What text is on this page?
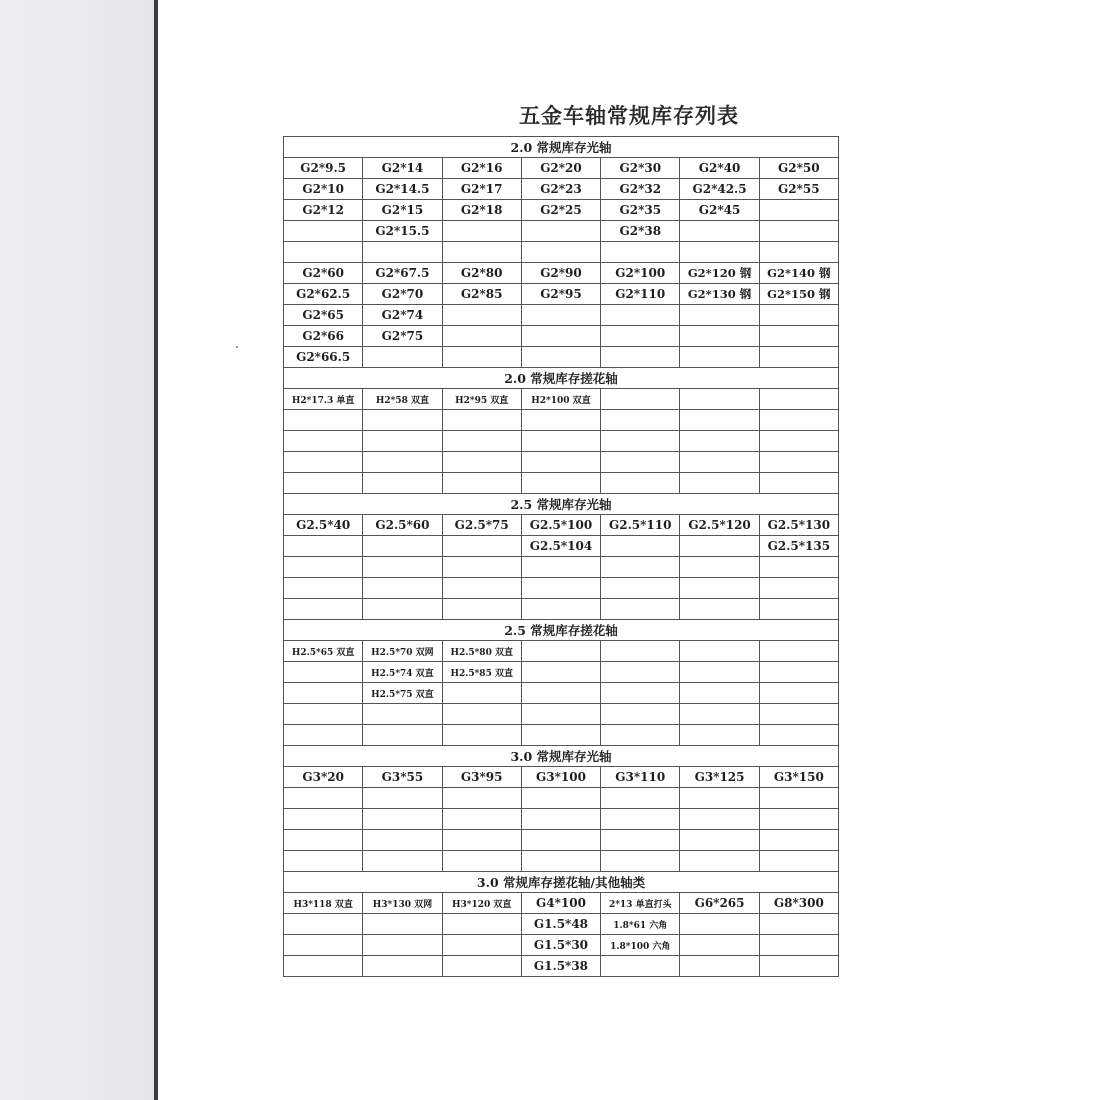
五金车轴常规库存列表
2.0 常规库存光轴						
G2*9.5	G2*14	G2*16	G2*20	G2*30	G2*40	G2*50
G2*10	G2*14.5	G2*17	G2*23	G2*32	G2*42.5	G2*55
G2*12	G2*15	G2*18	G2*25	G2*35	G2*45	
	G2*15.5			G2*38		

G2*60	G2*67.5	G2*80	G2*90	G2*100	G2*120 钢	G2*140 钢
G2*62.5	G2*70	G2*85	G2*95	G2*110	G2*130 钢	G2*150 钢
G2*65	G2*74					
G2*66	G2*75					
G2*66.5						
2.0 常规库存搓花轴						
H2*17.3 单直	H2*58 双直	H2*95 双直	H2*100 双直			

2.5 常规库存光轴						
G2.5*40	G2.5*60	G2.5*75	G2.5*100	G2.5*110	G2.5*120	G2.5*130
			G2.5*104			G2.5*135

2.5 常规库存搓花轴						
H2.5*65 双直	H2.5*70 双网	H2.5*80 双直				
	H2.5*74 双直	H2.5*85 双直				
	H2.5*75 双直					

3.0 常规库存光轴						
G3*20	G3*55	G3*95	G3*100	G3*110	G3*125	G3*150

3.0 常规库存搓花轴/其他轴类						
H3*118 双直	H3*130 双网	H3*120 双直	G4*100	2*13 单直打头	G6*265	G8*300
			G1.5*48	1.8*61 六角		
			G1.5*30	1.8*100 六角		
			G1.5*38			
